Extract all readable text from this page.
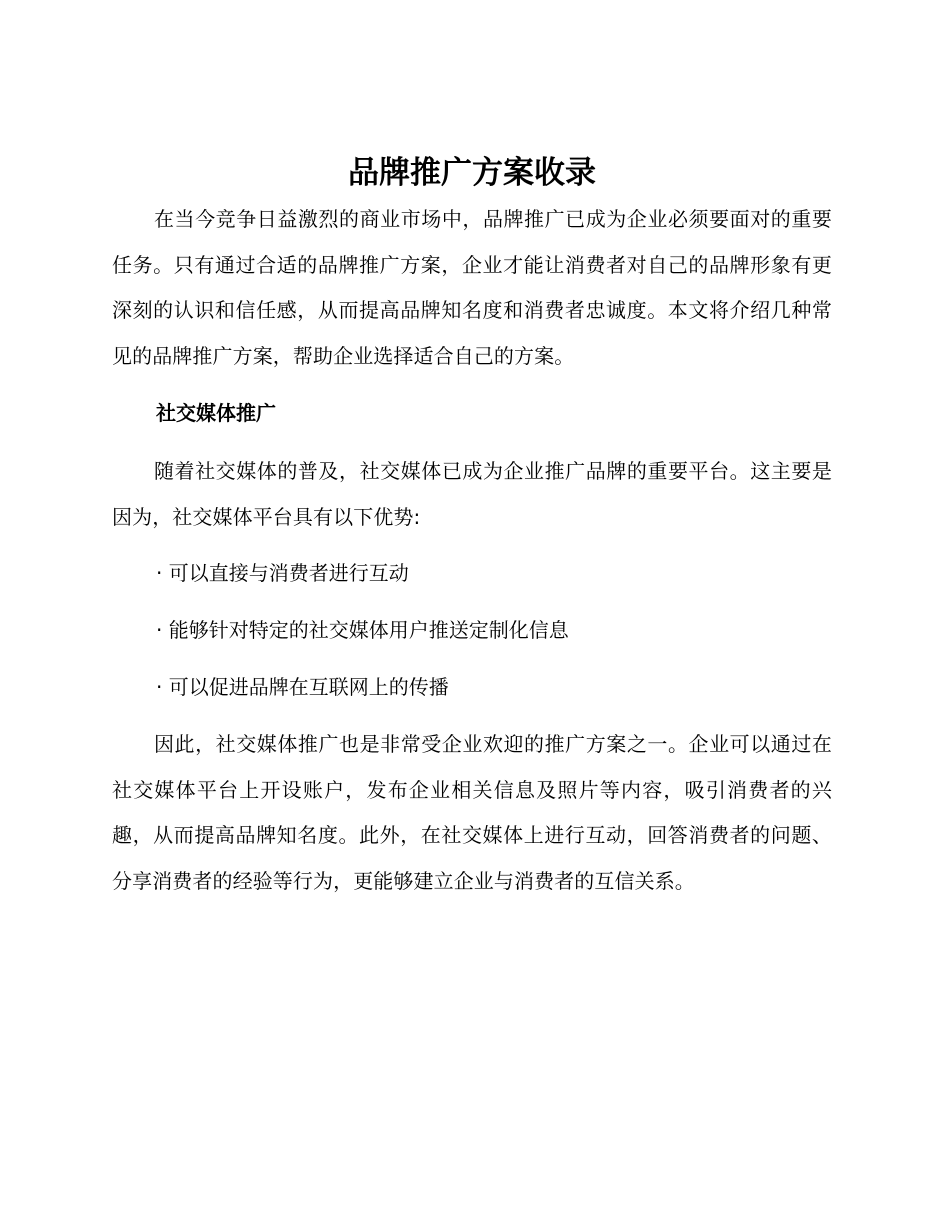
品牌推广方案收录

在当今竞争日益激烈的商业市场中，品牌推广已成为企业必须要面对的重要任务。只有通过合适的品牌推广方案，企业才能让消费者对自己的品牌形象有更深刻的认识和信任感，从而提高品牌知名度和消费者忠诚度。本文将介绍几种常见的品牌推广方案，帮助企业选择适合自己的方案。

社交媒体推广

随着社交媒体的普及，社交媒体已成为企业推广品牌的重要平台。这主要是因为，社交媒体平台具有以下优势:

· 可以直接与消费者进行互动

· 能够针对特定的社交媒体用户推送定制化信息

· 可以促进品牌在互联网上的传播

因此，社交媒体推广也是非常受企业欢迎的推广方案之一。企业可以通过在社交媒体平台上开设账户，发布企业相关信息及照片等内容，吸引消费者的兴趣，从而提高品牌知名度。此外，在社交媒体上进行互动，回答消费者的问题、分享消费者的经验等行为，更能够建立企业与消费者的互信关系。
